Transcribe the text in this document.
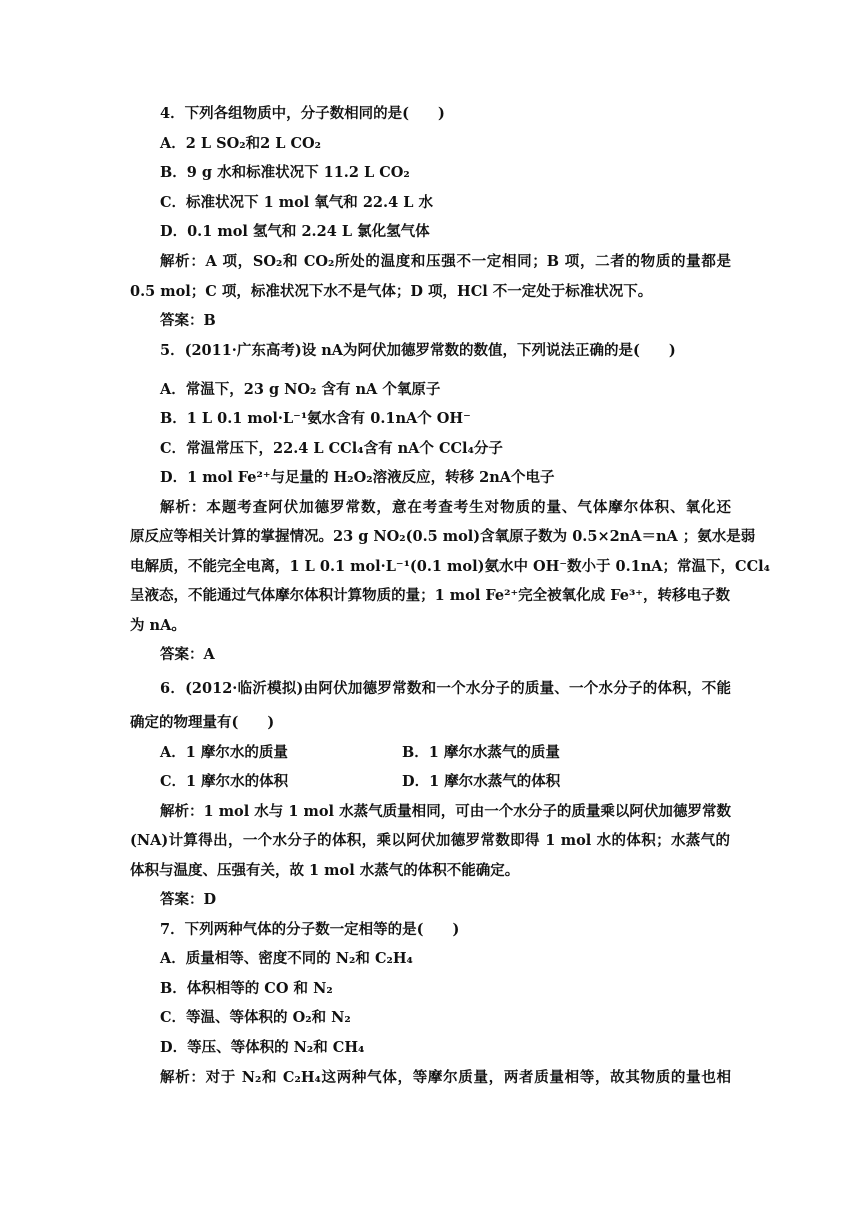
4．下列各组物质中，分子数相同的是(　　)
A．2 L SO₂和2 L CO₂
B．9 g 水和标准状况下 11.2 L CO₂
C．标准状况下 1 mol 氧气和 22.4 L 水
D．0.1 mol 氢气和 2.24 L 氯化氢气体
解析：A 项，SO₂和 CO₂所处的温度和压强不一定相同；B 项，二者的物质的量都是
0.5 mol；C 项，标准状况下水不是气体；D 项，HCl 不一定处于标准状况下。
答案：B
5．(2011·广东高考)设 nA为阿伏加德罗常数的数值，下列说法正确的是(　　)
A．常温下，23 g NO₂ 含有 nA 个氧原子
B．1 L 0.1 mol·L⁻¹氨水含有 0.1nA个 OH⁻
C．常温常压下，22.4 L CCl₄含有 nA个 CCl₄分子
D．1 mol Fe²⁺与足量的 H₂O₂溶液反应，转移 2nA个电子
解析：本题考查阿伏加德罗常数，意在考查考生对物质的量、气体摩尔体积、氧化还
原反应等相关计算的掌握情况。23 g NO₂(0.5 mol)含氧原子数为 0.5×2nA＝nA ；氨水是弱
电解质，不能完全电离，1 L 0.1 mol·L⁻¹(0.1 mol)氨水中 OH⁻数小于 0.1nA；常温下，CCl₄
呈液态，不能通过气体摩尔体积计算物质的量；1 mol Fe²⁺完全被氧化成 Fe³⁺，转移电子数
为 nA。
答案：A
6．(2012·临沂模拟)由阿伏加德罗常数和一个水分子的质量、一个水分子的体积，不能
确定的物理量有(　　)
A．1 摩尔水的质量	B．1 摩尔水蒸气的质量
C．1 摩尔水的体积	D．1 摩尔水蒸气的体积
解析：1 mol 水与 1 mol 水蒸气质量相同，可由一个水分子的质量乘以阿伏加德罗常数
(NA)计算得出，一个水分子的体积，乘以阿伏加德罗常数即得 1 mol 水的体积；水蒸气的
体积与温度、压强有关，故 1 mol 水蒸气的体积不能确定。
答案：D
7．下列两种气体的分子数一定相等的是(　　)
A．质量相等、密度不同的 N₂和 C₂H₄
B．体积相等的 CO 和 N₂
C．等温、等体积的 O₂和 N₂
D．等压、等体积的 N₂和 CH₄
解析：对于 N₂和 C₂H₄这两种气体，等摩尔质量，两者质量相等，故其物质的量也相
